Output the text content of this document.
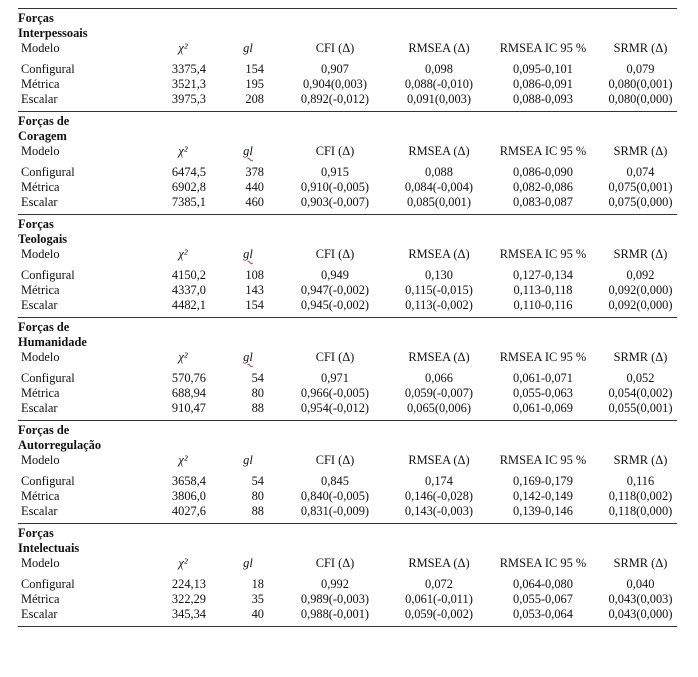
Forças
Interpessoais
Modelo	χ²	gl	CFI (Δ)	RMSEA (Δ)	RMSEA IC 95 %	SRMR (Δ)
Configural	3375,4	154	0,907	0,098	0,095-0,101	0,079
Métrica	3521,3	195	0,904(0,003)	0,088(-0,010)	0,086-0,091	0,080(0,001)
Escalar	3975,3	208	0,892(-0,012)	0,091(0,003)	0,088-0,093	0,080(0,000)
Forças de
Coragem
Modelo	χ²	gl	CFI (Δ)	RMSEA (Δ)	RMSEA IC 95 %	SRMR (Δ)
Configural	6474,5	378	0,915	0,088	0,086-0,090	0,074
Métrica	6902,8	440	0,910(-0,005)	0,084(-0,004)	0,082-0,086	0,075(0,001)
Escalar	7385,1	460	0,903(-0,007)	0,085(0,001)	0,083-0,087	0,075(0,000)
Forças
Teologais
Modelo	χ²	gl	CFI (Δ)	RMSEA (Δ)	RMSEA IC 95 %	SRMR (Δ)
Configural	4150,2	108	0,949	0,130	0,127-0,134	0,092
Métrica	4337,0	143	0,947(-0,002)	0,115(-0,015)	0,113-0,118	0,092(0,000)
Escalar	4482,1	154	0,945(-0,002)	0,113(-0,002)	0,110-0,116	0,092(0,000)
Forças de
Humanidade
Modelo	χ²	gl	CFI (Δ)	RMSEA (Δ)	RMSEA IC 95 %	SRMR (Δ)
Configural	570,76	54	0,971	0,066	0,061-0,071	0,052
Métrica	688,94	80	0,966(-0,005)	0,059(-0,007)	0,055-0,063	0,054(0,002)
Escalar	910,47	88	0,954(-0,012)	0,065(0,006)	0,061-0,069	0,055(0,001)
Forças de
Autorregulação
Modelo	χ²	gl	CFI (Δ)	RMSEA (Δ)	RMSEA IC 95 %	SRMR (Δ)
Configural	3658,4	54	0,845	0,174	0,169-0,179	0,116
Métrica	3806,0	80	0,840(-0,005)	0,146(-0,028)	0,142-0,149	0,118(0,002)
Escalar	4027,6	88	0,831(-0,009)	0,143(-0,003)	0,139-0,146	0,118(0,000)
Forças
Intelectuais
Modelo	χ²	gl	CFI (Δ)	RMSEA (Δ)	RMSEA IC 95 %	SRMR (Δ)
Configural	224,13	18	0,992	0,072	0,064-0,080	0,040
Métrica	322,29	35	0,989(-0,003)	0,061(-0,011)	0,055-0,067	0,043(0,003)
Escalar	345,34	40	0,988(-0,001)	0,059(-0,002)	0,053-0,064	0,043(0,000)
